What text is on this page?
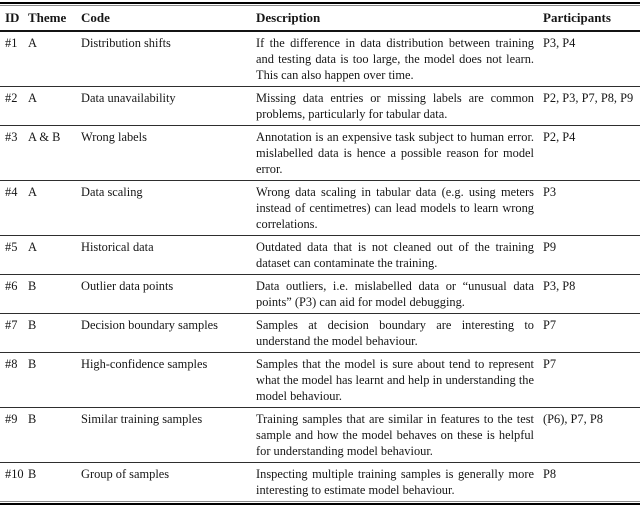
ID	Theme	Code	Description	Participants
#1	A	Distribution shifts	If the difference in data distribution between training and testing data is too large, the model does not learn. This can also happen over time.	P3, P4
#2	A	Data unavailability	Missing data entries or missing labels are common problems, particularly for tabular data.	P2, P3, P7, P8, P9
#3	A & B	Wrong labels	Annotation is an expensive task subject to human error. mislabelled data is hence a possible reason for model error.	P2, P4
#4	A	Data scaling	Wrong data scaling in tabular data (e.g. using meters instead of centimetres) can lead models to learn wrong correlations.	P3
#5	A	Historical data	Outdated data that is not cleaned out of the training dataset can contaminate the training.	P9
#6	B	Outlier data points	Data outliers, i.e. mislabelled data or “unusual data points” (P3) can aid for model debugging.	P3, P8
#7	B	Decision boundary samples	Samples at decision boundary are interesting to understand the model behaviour.	P7
#8	B	High-confidence samples	Samples that the model is sure about tend to represent what the model has learnt and help in understanding the model behaviour.	P7
#9	B	Similar training samples	Training samples that are similar in features to the test sample and how the model behaves on these is helpful for understanding model behaviour.	(P6), P7, P8
#10	B	Group of samples	Inspecting multiple training samples is generally more interesting to estimate model behaviour.	P8
